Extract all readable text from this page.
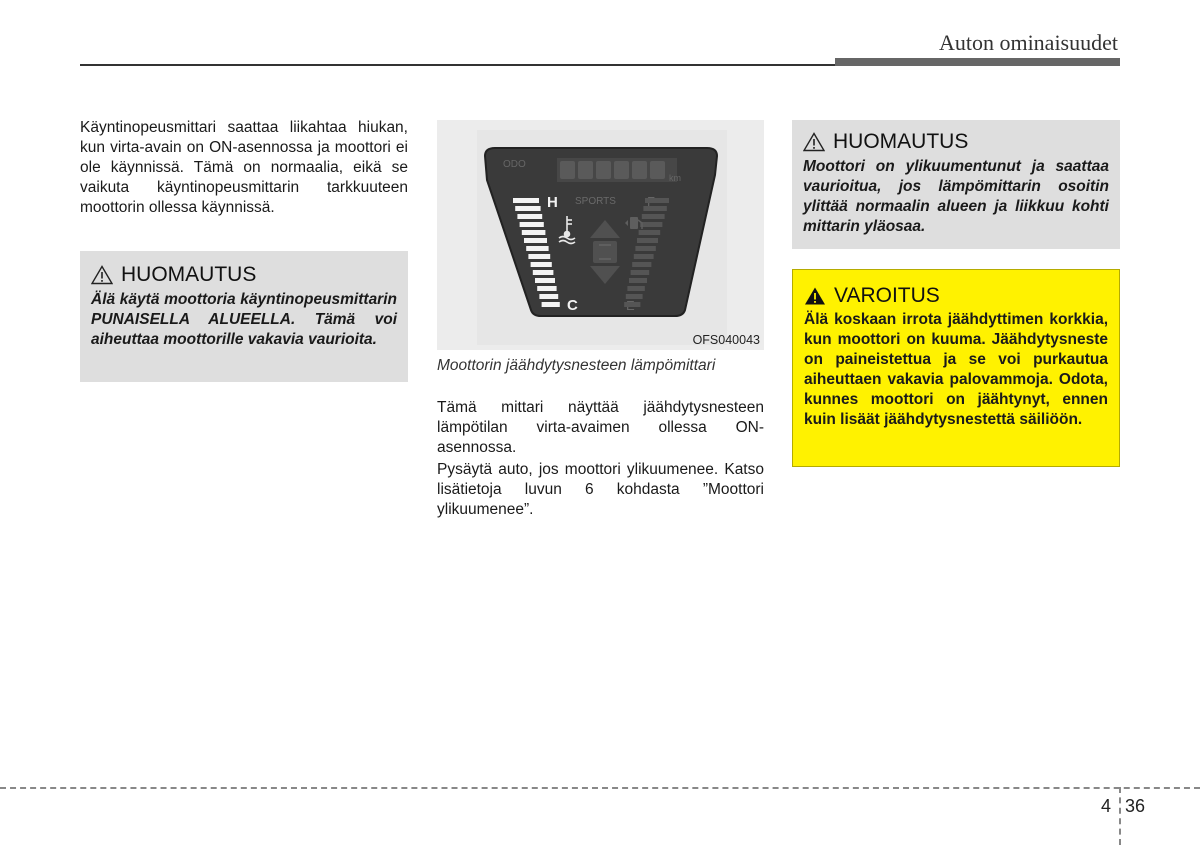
Auton ominaisuudet
Käyntinopeusmittari saattaa liikahtaa hiukan, kun virta-avain on ON-asennossa ja moottori ei ole käynnissä. Tämä on normaalia, eikä se vaikuta käyntinopeusmittarin tarkkuuteen moottorin ollessa käynnissä.
HUOMAUTUS
Älä käytä moottoria käyntinopeusmittarin PUNAISELLA ALUEELLA. Tämä voi aiheuttaa moottorille vakavia vaurioita.
ODO
km
SPORTS
H
C
OFS040043
Moottorin jäähdytysnesteen lämpömittari

Tämä mittari näyttää jäähdytysnesteen lämpötilan virta-avaimen ollessa ON-asennossa.

Pysäytä auto, jos moottori ylikuumenee. Katso lisätietoja luvun 6 kohdasta ”Moottori ylikuumenee”.

HUOMAUTUS
Moottori on ylikuumentunut ja saattaa vaurioitua, jos lämpömittarin osoitin ylittää normaalin alueen ja liikkuu kohti mittarin yläosaa.
VAROITUS
Älä koskaan irrota jäähdyttimen korkkia, kun moottori on kuuma. Jäähdytysneste on paineistettua ja se voi purkautua aiheuttaen vakavia palovammoja. Odota, kunnes moottori on jäähtynyt, ennen kuin lisäät jäähdytysnestettä säiliöön.
4 36
